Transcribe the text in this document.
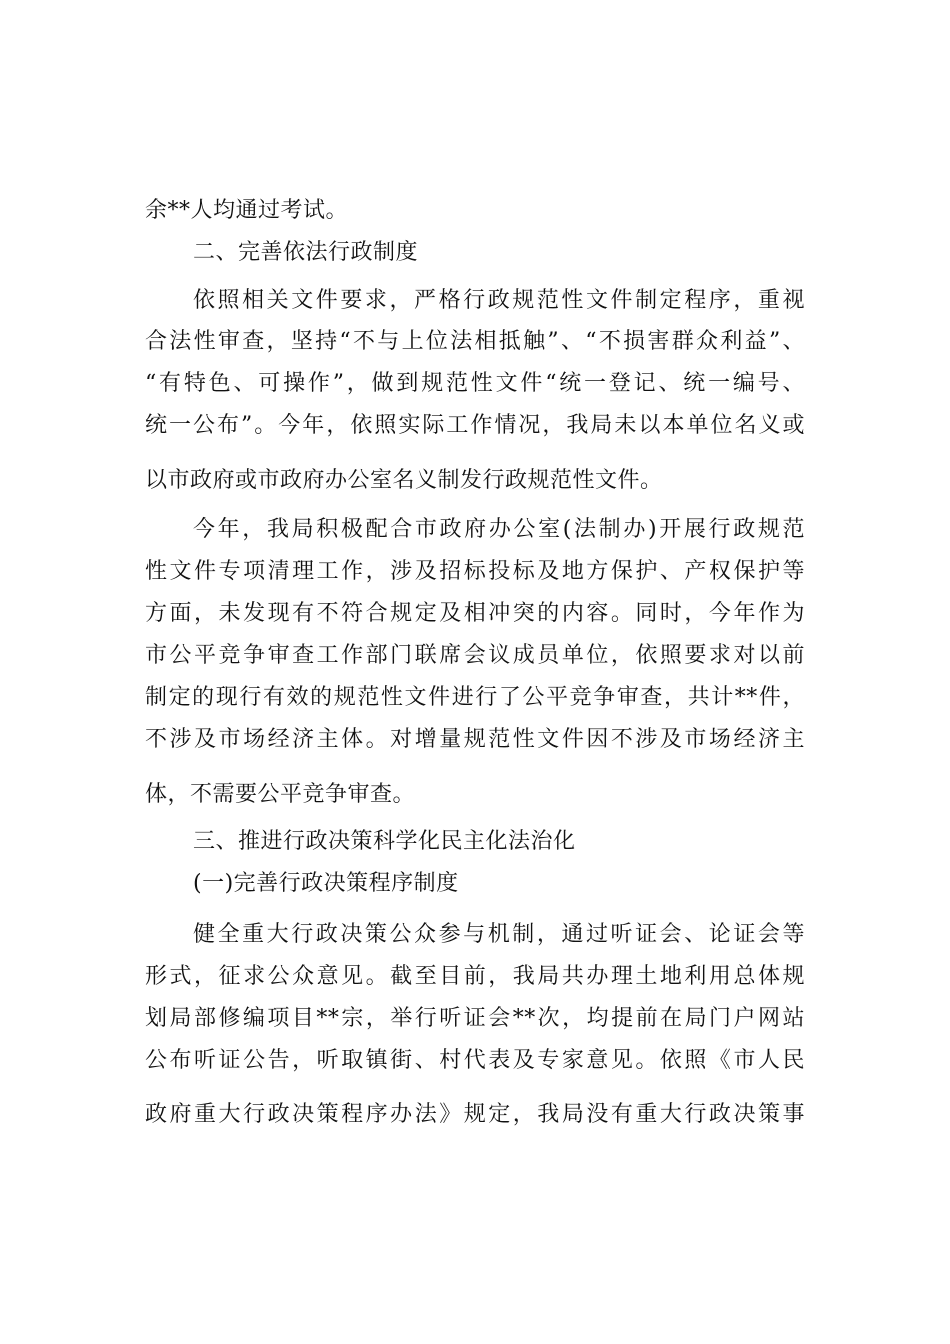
余**人均通过考试。
二、完善依法行政制度
依照相关文件要求，严格行政规范性文件制定程序，重视
合法性审查，坚持“不与上位法相抵触”、“不损害群众利益”、
“有特色、可操作”，做到规范性文件“统一登记、统一编号、
统一公布”。今年，依照实际工作情况，我局未以本单位名义或
以市政府或市政府办公室名义制发行政规范性文件。
今年，我局积极配合市政府办公室(法制办)开展行政规范
性文件专项清理工作，涉及招标投标及地方保护、产权保护等
方面，未发现有不符合规定及相冲突的内容。同时，今年作为
市公平竞争审查工作部门联席会议成员单位，依照要求对以前
制定的现行有效的规范性文件进行了公平竞争审查，共计**件，
不涉及市场经济主体。对增量规范性文件因不涉及市场经济主
体，不需要公平竞争审查。
三、推进行政决策科学化民主化法治化
(一)完善行政决策程序制度
健全重大行政决策公众参与机制，通过听证会、论证会等
形式，征求公众意见。截至目前，我局共办理土地利用总体规
划局部修编项目**宗，举行听证会**次，均提前在局门户网站
公布听证公告，听取镇街、村代表及专家意见。依照《市人民
政府重大行政决策程序办法》规定，我局没有重大行政决策事
